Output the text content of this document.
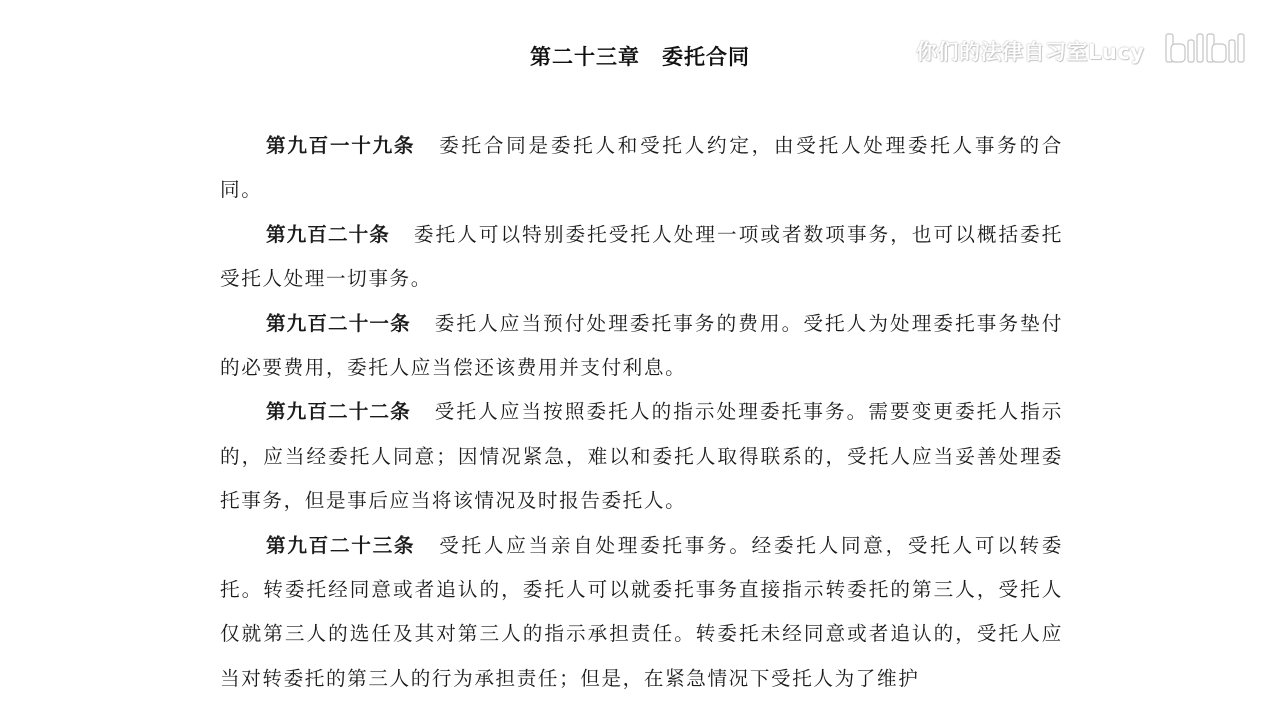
你们的法律自习室Lucy
第二十三章　委托合同

第九百一十九条 委托合同是委托人和受托人约定，由受托人处理委托人事务的合同。

第九百二十条 委托人可以特别委托受托人处理一项或者数项事务，也可以概括委托受托人处理一切事务。

第九百二十一条 委托人应当预付处理委托事务的费用。受托人为处理委托事务垫付的必要费用，委托人应当偿还该费用并支付利息。

第九百二十二条 受托人应当按照委托人的指示处理委托事务。需要变更委托人指示的，应当经委托人同意；因情况紧急，难以和委托人取得联系的，受托人应当妥善处理委托事务，但是事后应当将该情况及时报告委托人。

第九百二十三条 受托人应当亲自处理委托事务。经委托人同意，受托人可以转委托。转委托经同意或者追认的，委托人可以就委托事务直接指示转委托的第三人，受托人仅就第三人的选任及其对第三人的指示承担责任。转委托未经同意或者追认的，受托人应当对转委托的第三人的行为承担责任；但是，在紧急情况下受托人为了维护
